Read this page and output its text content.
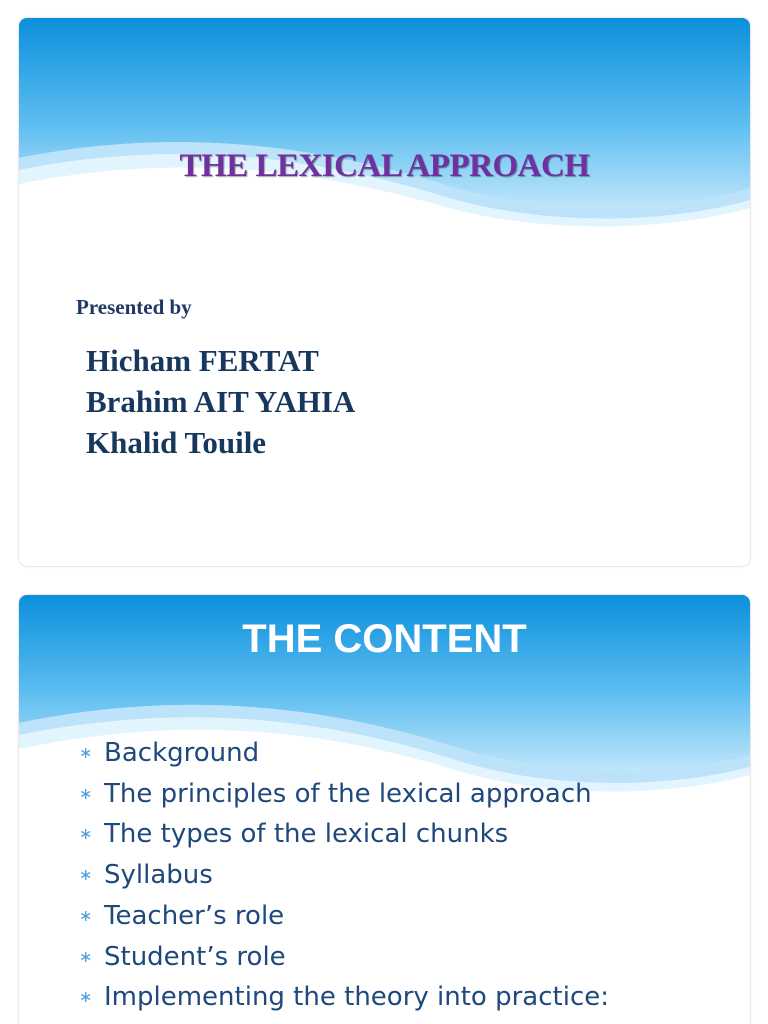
THE LEXICAL APPROACH
Presented by
Hicham FERTAT
Brahim AIT YAHIA
Khalid Touile
THE CONTENT
∗ Background
∗ The principles of the lexical approach
∗ The types of the lexical chunks
∗ Syllabus
∗ Teacher’s role
∗ Student’s role
∗ Implementing the theory into practice:
